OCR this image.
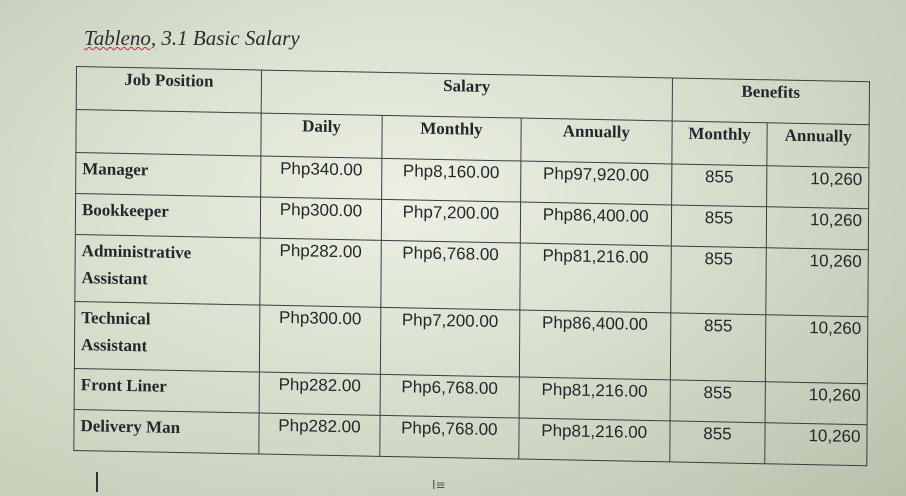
Tableno, 3.1 Basic Salary
Job Position	Salary			Benefits	
	Daily	Monthly	Annually	Monthly	Annually
Manager	Php340.00	Php8,160.00	Php97,920.00	855	10,260
Bookkeeper	Php300.00	Php7,200.00	Php86,400.00	855	10,260
Administrative
Assistant	Php282.00	Php6,768.00	Php81,216.00	855	10,260
Technical
Assistant	Php300.00	Php7,200.00	Php86,400.00	855	10,260
Front Liner	Php282.00	Php6,768.00	Php81,216.00	855	10,260
Delivery Man	Php282.00	Php6,768.00	Php81,216.00	855	10,260
I≡
